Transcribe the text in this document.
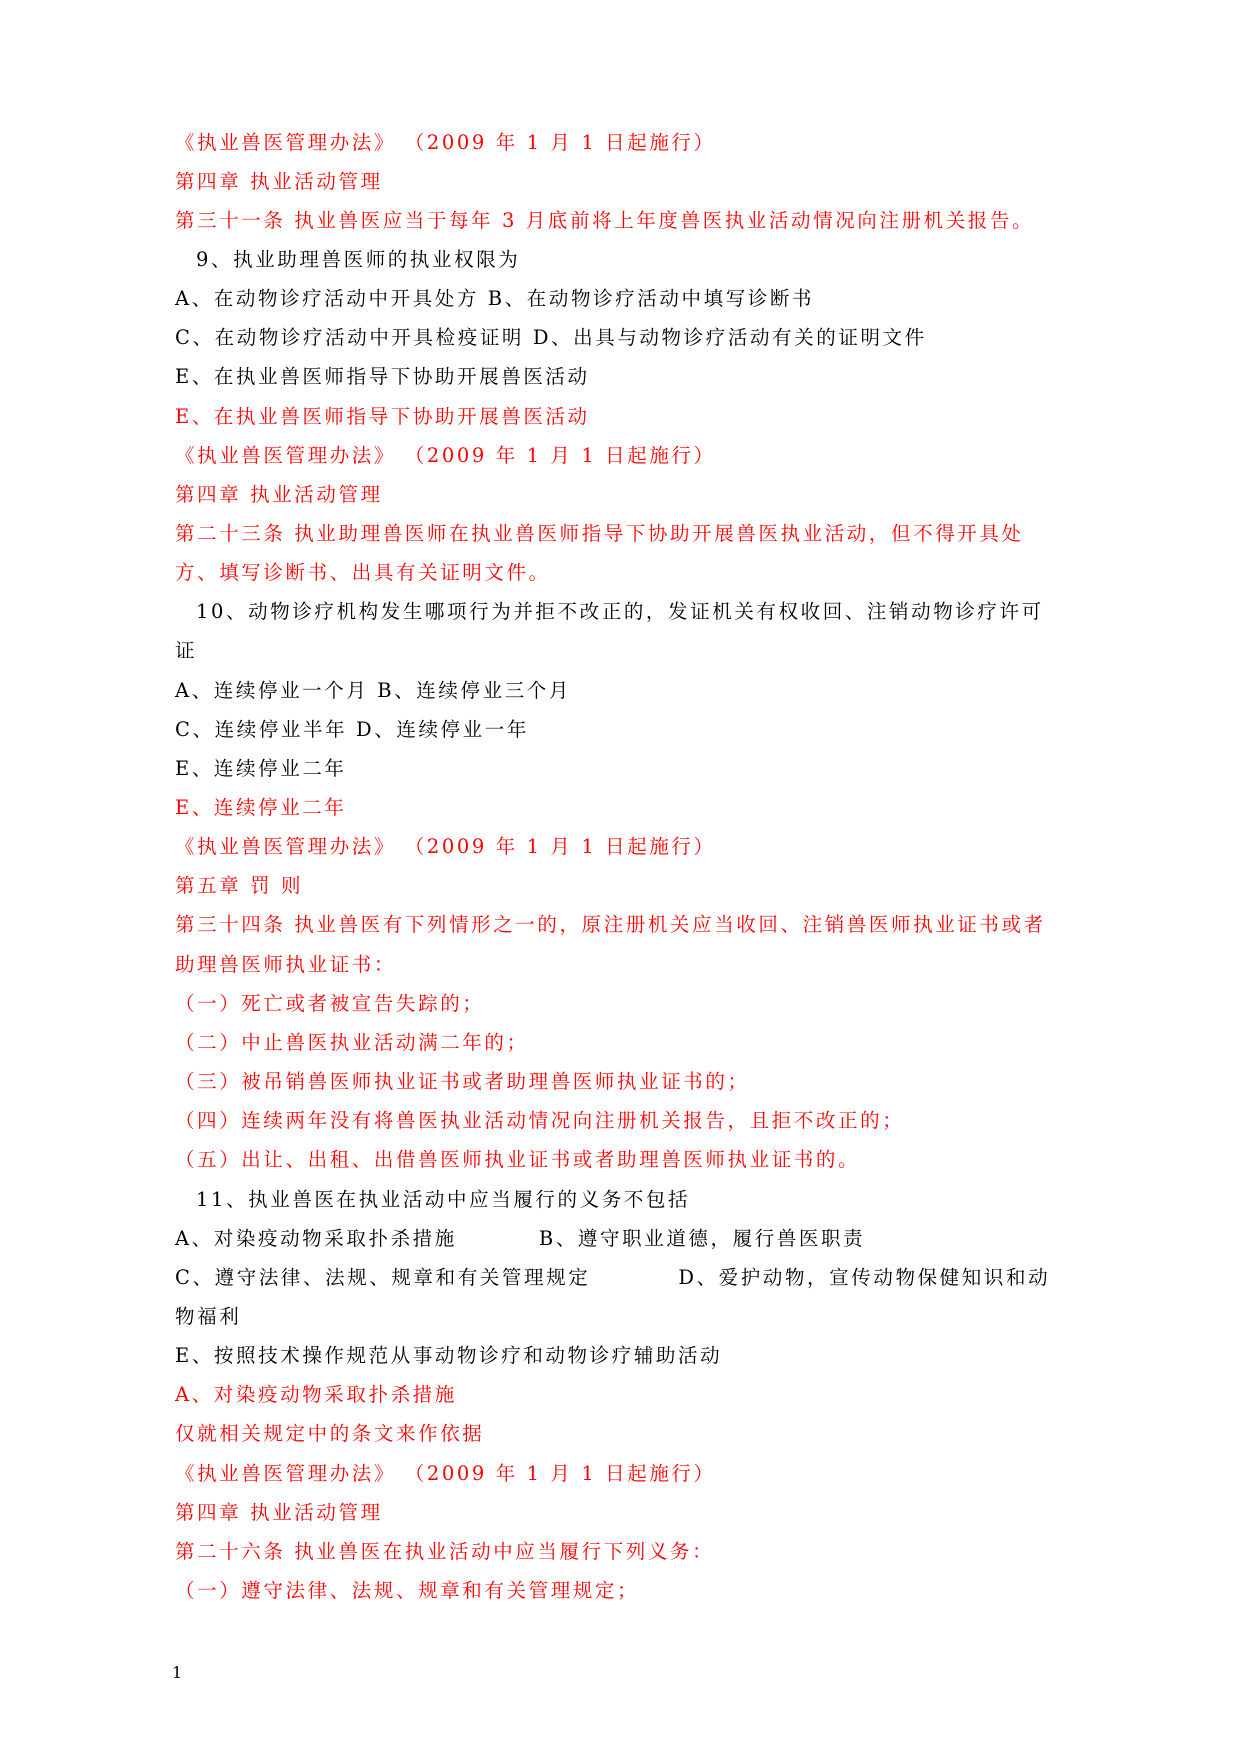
《执业兽医管理办法》 （2009 年 1 月 1 日起施行）
第四章 执业活动管理
第三十一条 执业兽医应当于每年 3 月底前将上年度兽医执业活动情况向注册机关报告。
9、执业助理兽医师的执业权限为
A、在动物诊疗活动中开具处方 B、在动物诊疗活动中填写诊断书
C、在动物诊疗活动中开具检疫证明 D、出具与动物诊疗活动有关的证明文件
E、在执业兽医师指导下协助开展兽医活动
E、在执业兽医师指导下协助开展兽医活动
《执业兽医管理办法》 （2009 年 1 月 1 日起施行）
第四章 执业活动管理
第二十三条 执业助理兽医师在执业兽医师指导下协助开展兽医执业活动，但不得开具处
方、填写诊断书、出具有关证明文件。
10、动物诊疗机构发生哪项行为并拒不改正的，发证机关有权收回、注销动物诊疗许可
证
A、连续停业一个月 B、连续停业三个月
C、连续停业半年 D、连续停业一年
E、连续停业二年
E、连续停业二年
《执业兽医管理办法》 （2009 年 1 月 1 日起施行）
第五章 罚 则
第三十四条 执业兽医有下列情形之一的，原注册机关应当收回、注销兽医师执业证书或者
助理兽医师执业证书：
（一）死亡或者被宣告失踪的；
（二）中止兽医执业活动满二年的；
（三）被吊销兽医师执业证书或者助理兽医师执业证书的；
（四）连续两年没有将兽医执业活动情况向注册机关报告，且拒不改正的；
（五）出让、出租、出借兽医师执业证书或者助理兽医师执业证书的。
11、执业兽医在执业活动中应当履行的义务不包括
A、对染疫动物采取扑杀措施	B、遵守职业道德，履行兽医职责
C、遵守法律、法规、规章和有关管理规定	D、爱护动物，宣传动物保健知识和动
物福利
E、按照技术操作规范从事动物诊疗和动物诊疗辅助活动
A、对染疫动物采取扑杀措施
仅就相关规定中的条文来作依据
《执业兽医管理办法》 （2009 年 1 月 1 日起施行）
第四章 执业活动管理
第二十六条 执业兽医在执业活动中应当履行下列义务：
（一）遵守法律、法规、规章和有关管理规定；
1
